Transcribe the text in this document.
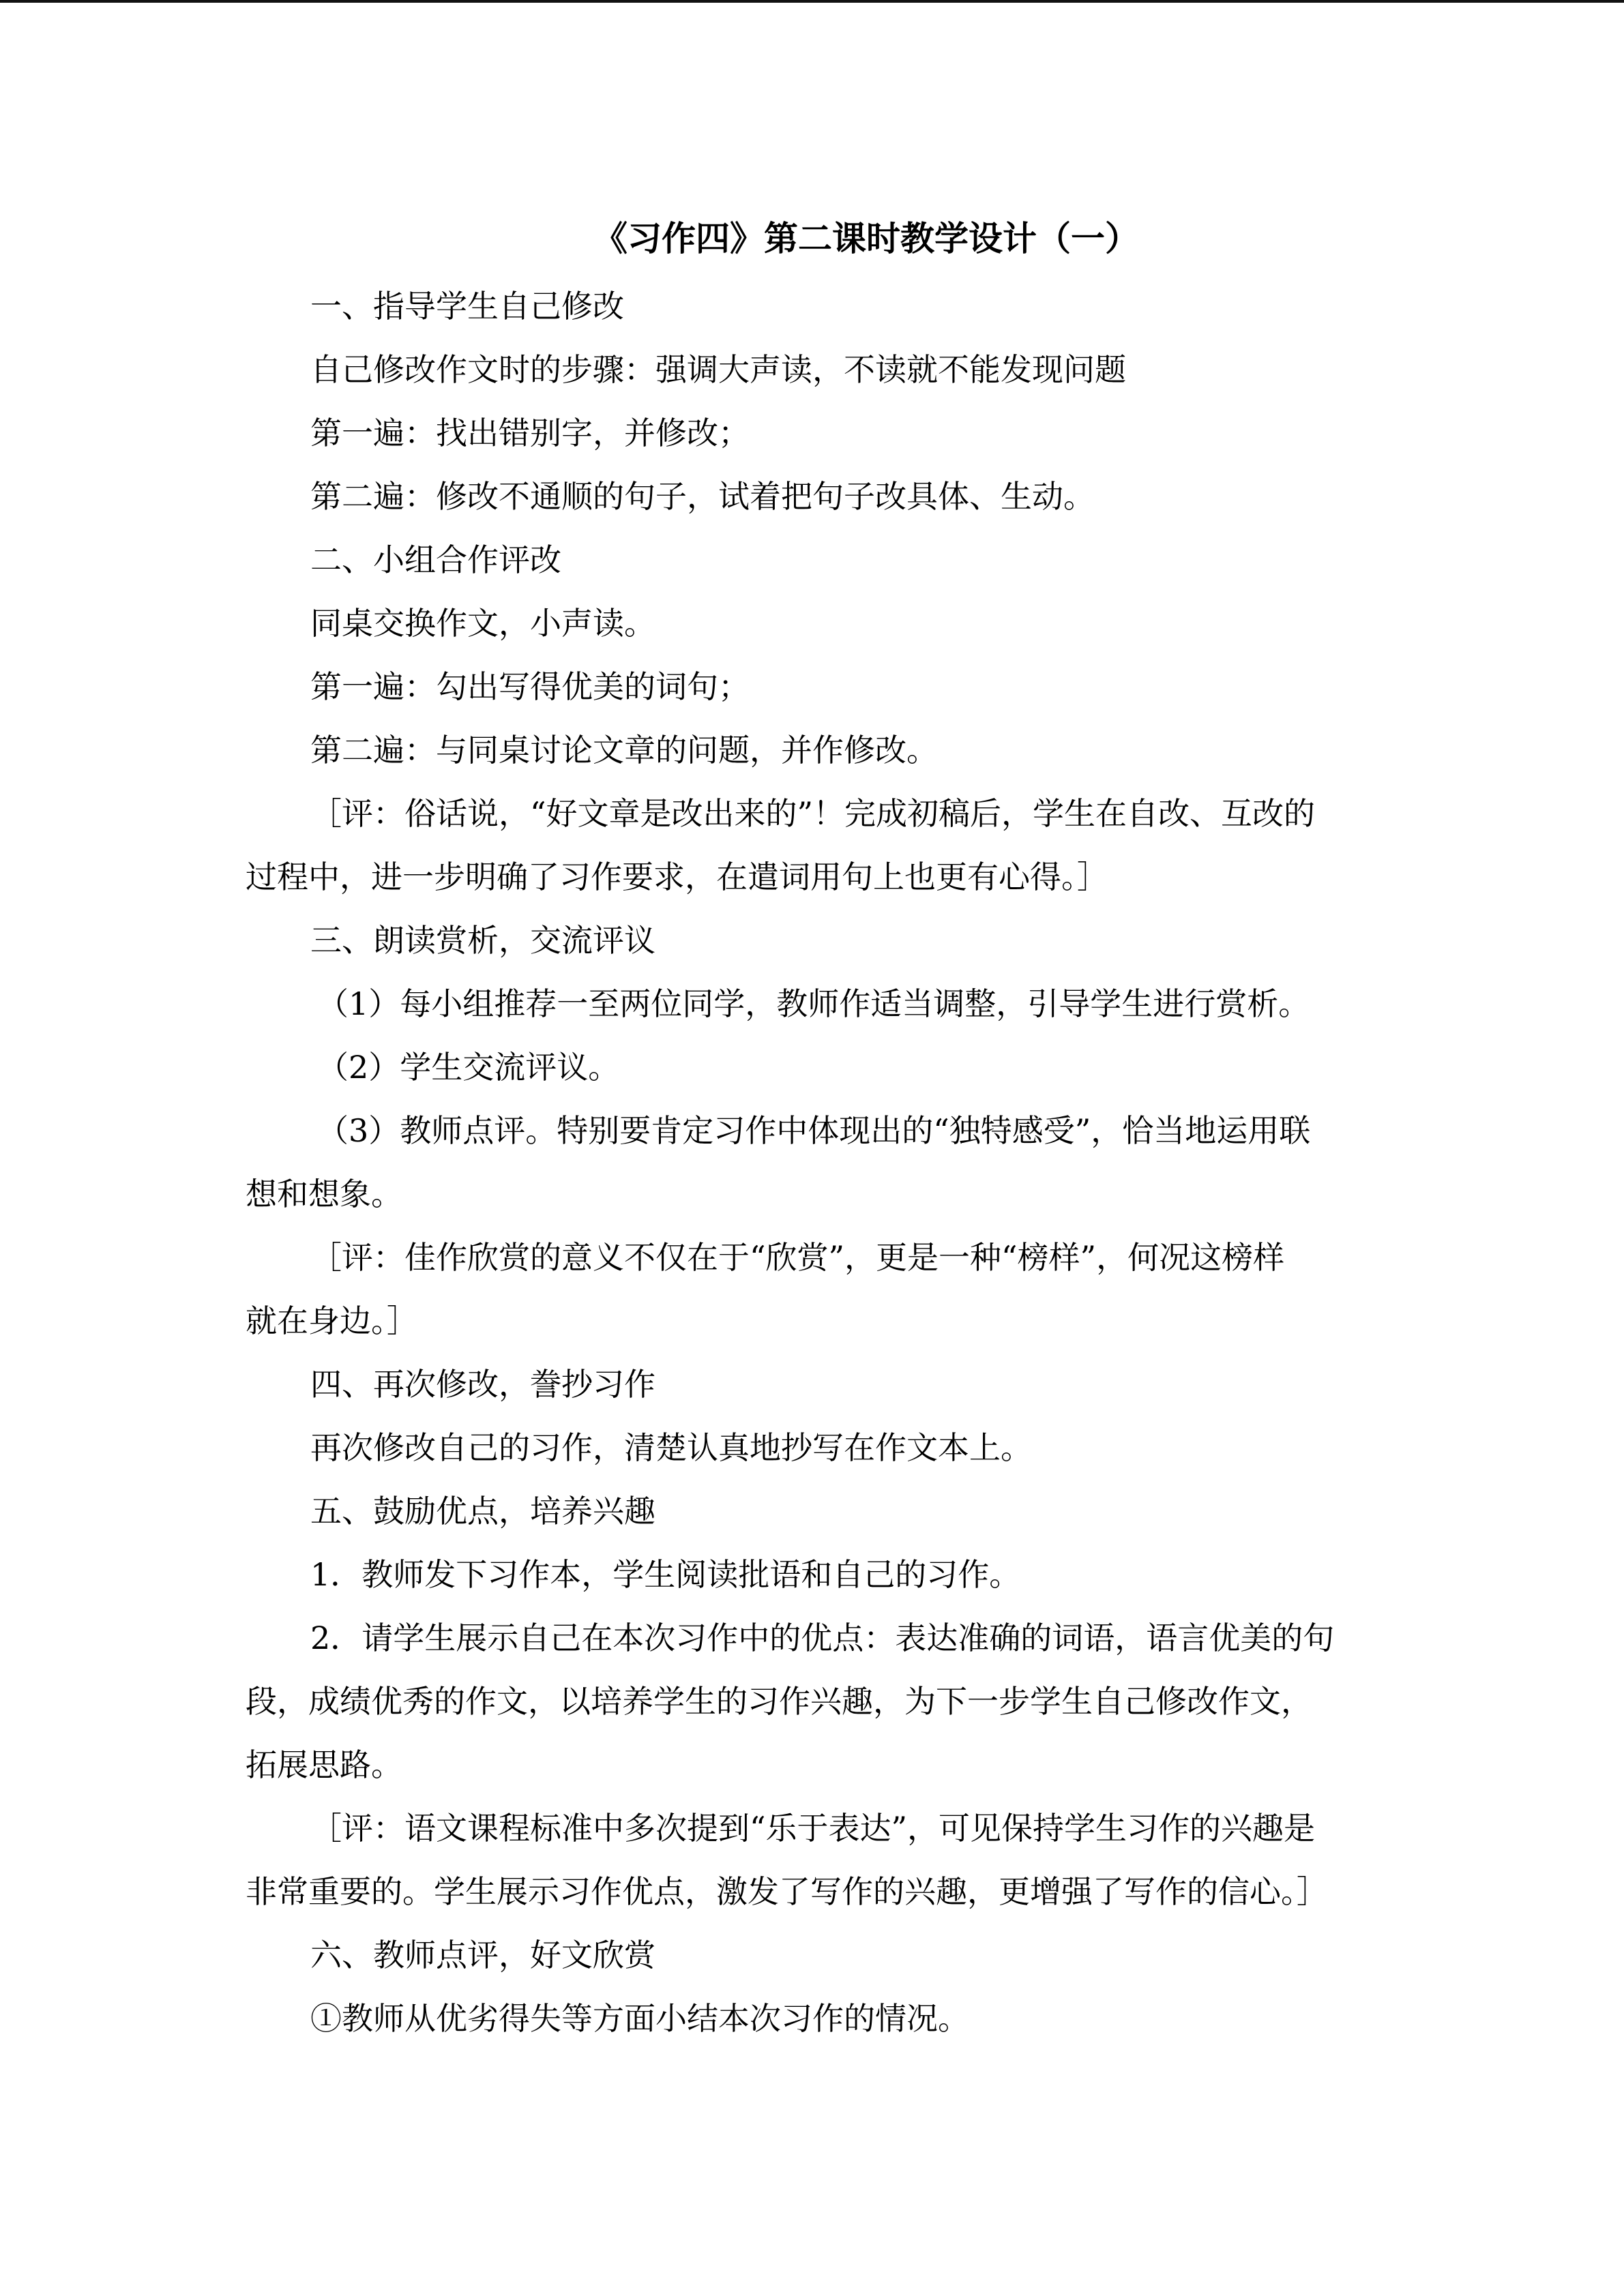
《习作四》第二课时教学设计（一）

一、指导学生自己修改

自己修改作文时的步骤：强调大声读，不读就不能发现问题

第一遍：找出错别字，并修改；

第二遍：修改不通顺的句子，试着把句子改具体、生动。

二、小组合作评改

同桌交换作文，小声读。

第一遍：勾出写得优美的词句；

第二遍：与同桌讨论文章的问题，并作修改。

［评：俗话说，“好文章是改出来的”！完成初稿后，学生在自改、互改的

过程中，进一步明确了习作要求，在遣词用句上也更有心得。］

三、朗读赏析，交流评议

（1）每小组推荐一至两位同学，教师作适当调整，引导学生进行赏析。

（2）学生交流评议。

（3）教师点评。特别要肯定习作中体现出的“独特感受”，恰当地运用联

想和想象。

［评：佳作欣赏的意义不仅在于“欣赏”，更是一种“榜样”，何况这榜样

就在身边。］

四、再次修改，誊抄习作

再次修改自己的习作，清楚认真地抄写在作文本上。

五、鼓励优点，培养兴趣

1．教师发下习作本，学生阅读批语和自己的习作。

2．请学生展示自己在本次习作中的优点：表达准确的词语，语言优美的句

段，成绩优秀的作文，以培养学生的习作兴趣，为下一步学生自己修改作文，

拓展思路。

［评：语文课程标准中多次提到“乐于表达”，可见保持学生习作的兴趣是

非常重要的。学生展示习作优点，激发了写作的兴趣，更增强了写作的信心。］

六、教师点评，好文欣赏

①教师从优劣得失等方面小结本次习作的情况。
